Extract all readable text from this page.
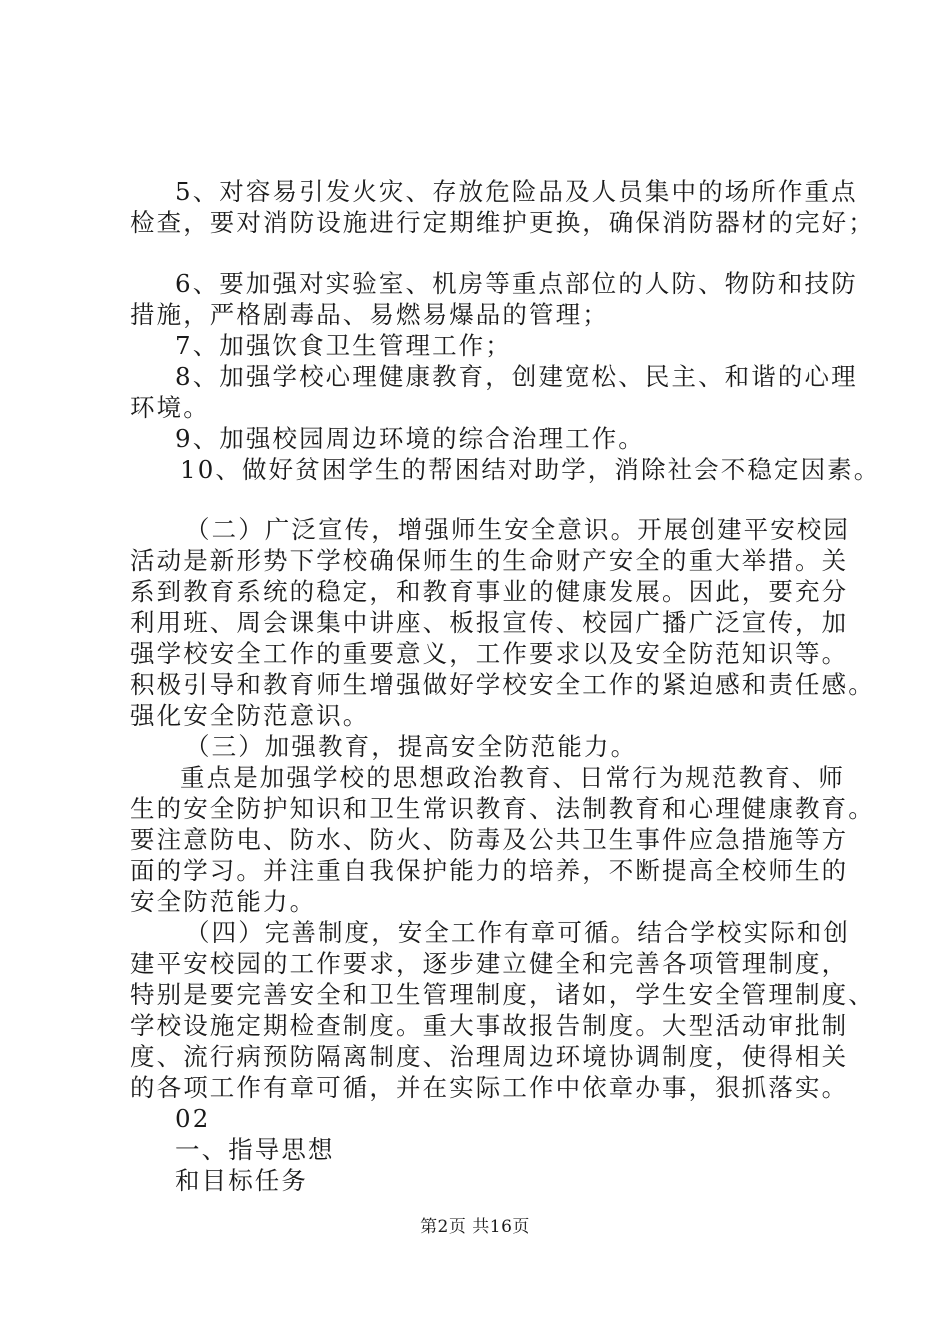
5、对容易引发火灾、存放危险品及人员集中的场所作重点
检查，要对消防设施进行定期维护更换，确保消防器材的完好；
6、要加强对实验室、机房等重点部位的人防、物防和技防
措施，严格剧毒品、易燃易爆品的管理；
7、加强饮食卫生管理工作；
8、加强学校心理健康教育，创建宽松、民主、和谐的心理
环境。
9、加强校园周边环境的综合治理工作。
10、做好贫困学生的帮困结对助学，消除社会不稳定因素。
（二）广泛宣传，增强师生安全意识。开展创建平安校园
活动是新形势下学校确保师生的生命财产安全的重大举措。关
系到教育系统的稳定，和教育事业的健康发展。因此，要充分
利用班、周会课集中讲座、板报宣传、校园广播广泛宣传，加
强学校安全工作的重要意义，工作要求以及安全防范知识等。
积极引导和教育师生增强做好学校安全工作的紧迫感和责任感。
强化安全防范意识。
（三）加强教育，提高安全防范能力。
重点是加强学校的思想政治教育、日常行为规范教育、师
生的安全防护知识和卫生常识教育、法制教育和心理健康教育。
要注意防电、防水、防火、防毒及公共卫生事件应急措施等方
面的学习。并注重自我保护能力的培养，不断提高全校师生的
安全防范能力。
（四）完善制度，安全工作有章可循。结合学校实际和创
建平安校园的工作要求，逐步建立健全和完善各项管理制度，
特别是要完善安全和卫生管理制度，诸如，学生安全管理制度、
学校设施定期检查制度。重大事故报告制度。大型活动审批制
度、流行病预防隔离制度、治理周边环境协调制度，使得相关
的各项工作有章可循，并在实际工作中依章办事，狠抓落实。
02
一、指导思想
和目标任务
第2页 共16页
